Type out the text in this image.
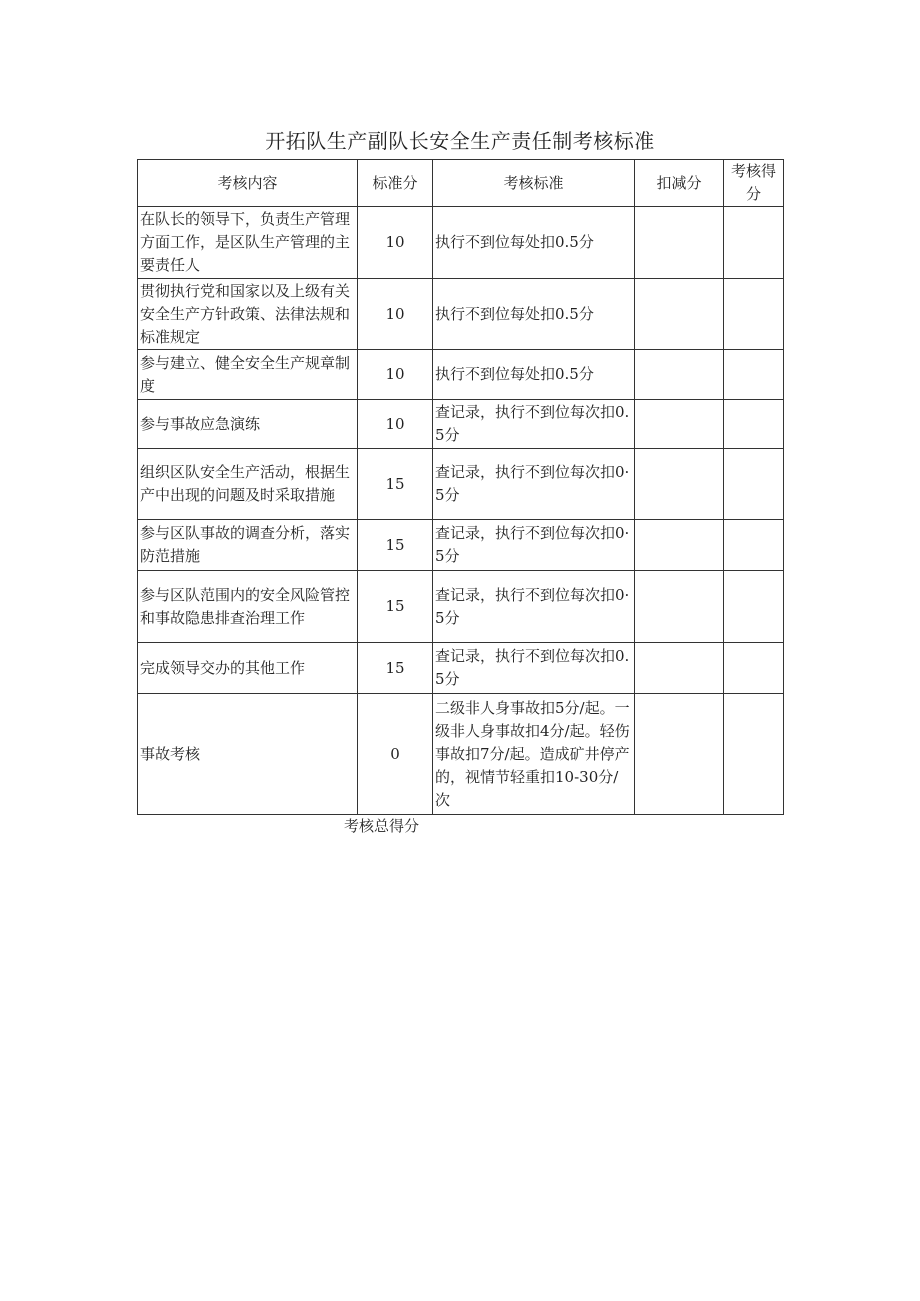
开拓队生产副队长安全生产责任制考核标准
考核内容	标准分	考核标准	扣减分	考核得分
在队长的领导下，负责生产管理方面工作，是区队生产管理的主要责任人	10	执行不到位每处扣0.5分		
贯彻执行党和国家以及上级有关安全生产方针政策、法律法规和标准规定	10	执行不到位每处扣0.5分		
参与建立、健全安全生产规章制度	10	执行不到位每处扣0.5分		
参与事故应急演练	10	查记录，执行不到位每次扣0.5分		
组织区队安全生产活动，根据生产中出现的问题及时采取措施	15	查记录，执行不到位每次扣0·5分		
参与区队事故的调查分析，落实防范措施	15	查记录，执行不到位每次扣0·5分		
参与区队范围内的安全风险管控和事故隐患排查治理工作	15	查记录，执行不到位每次扣0·5分		
完成领导交办的其他工作	15	查记录，执行不到位每次扣0.5分		
事故考核	0	二级非人身事故扣5分/起。一级非人身事故扣4分/起。轻伤事故扣7分/起。造成矿井停产的，视情节轻重扣10-30分/次		
考核总得分
